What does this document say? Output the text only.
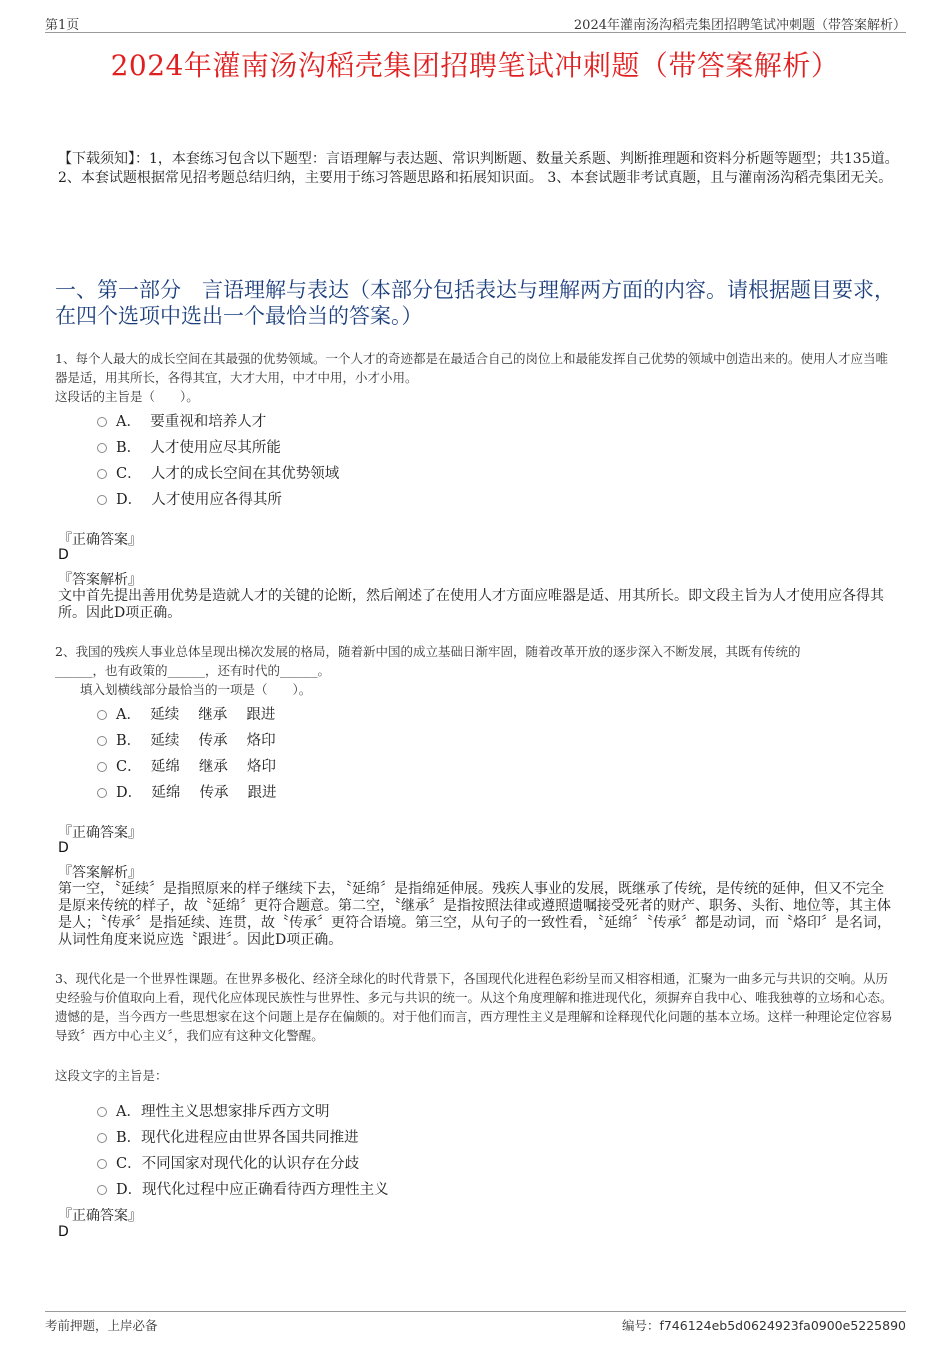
第1页	2024年灌南汤沟稻壳集团招聘笔试冲刺题（带答案解析）
2024年灌南汤沟稻壳集团招聘笔试冲刺题（带答案解析）
【下载须知】：1，本套练习包含以下题型：言语理解与表达题、常识判断题、数量关系题、判断推理题和资料分析题等题型；共135道。 2、本套试题根据常见招考题总结归纳，主要用于练习答题思路和拓展知识面。 3、本套试题非考试真题，且与灌南汤沟稻壳集团无关。
一、第一部分　言语理解与表达（本部分包括表达与理解两方面的内容。请根据题目要求，在四个选项中选出一个最恰当的答案。）
1、每个人最大的成长空间在其最强的优势领域。一个人才的奇迹都是在最适合自己的岗位上和最能发挥自己优势的领域中创造出来的。使用人才应当唯器是适，用其所长，各得其宜，大才大用，中才中用，小才小用。
这段话的主旨是（　　）。
A．  要重视和培养人才
B．  人才使用应尽其所能
C．  人才的成长空间在其优势领域
D．  人才使用应各得其所
『正确答案』
D
『答案解析』
文中首先提出善用优势是造就人才的关键的论断，然后阐述了在使用人才方面应唯器是适、用其所长。即文段主旨为人才使用应各得其所。因此D项正确。
2、我国的残疾人事业总体呈现出梯次发展的格局，随着新中国的成立基础日渐牢固，随着改革开放的逐步深入不断发展，其既有传统的
______，也有政策的______，还有时代的______。
填入划横线部分最恰当的一项是（　　）。
A．  延续　 继承　 跟进
B．  延续　 传承　 烙印
C．  延绵　 继承　 烙印
D．  延绵　 传承　 跟进
『正确答案』
D
『答案解析』
第一空，〝延续〞是指照原来的样子继续下去，〝延绵〞是指绵延伸展。残疾人事业的发展，既继承了传统，是传统的延伸，但又不完全是原来传统的样子，故〝延绵〞更符合题意。第二空，〝继承〞是指按照法律或遵照遗嘱接受死者的财产、职务、头衔、地位等，其主体是人；〝传承〞是指延续、连贯，故〝传承〞更符合语境。第三空，从句子的一致性看，〝延绵〞〝传承〞都是动词，而〝烙印〞是名词，从词性角度来说应选〝跟进〞。因此D项正确。
3、现代化是一个世界性课题。在世界多极化、经济全球化的时代背景下，各国现代化进程色彩纷呈而又相容相通，汇聚为一曲多元与共识的交响。从历史经验与价值取向上看，现代化应体现民族性与世界性、多元与共识的统一。从这个角度理解和推进现代化，须摒弃自我中心、唯我独尊的立场和心态。遗憾的是，当今西方一些思想家在这个问题上是存在偏颇的。对于他们而言，西方理性主义是理解和诠释现代化问题的基本立场。这样一种理论定位容易导致〞西方中心主义〞，我们应有这种文化警醒。
这段文字的主旨是：
A．理性主义思想家排斥西方文明
B．现代化进程应由世界各国共同推进
C．不同国家对现代化的认识存在分歧
D．现代化过程中应正确看待西方理性主义
『正确答案』
D
考前押题，上岸必备	编号：f746124eb5d0624923fa0900e5225890
